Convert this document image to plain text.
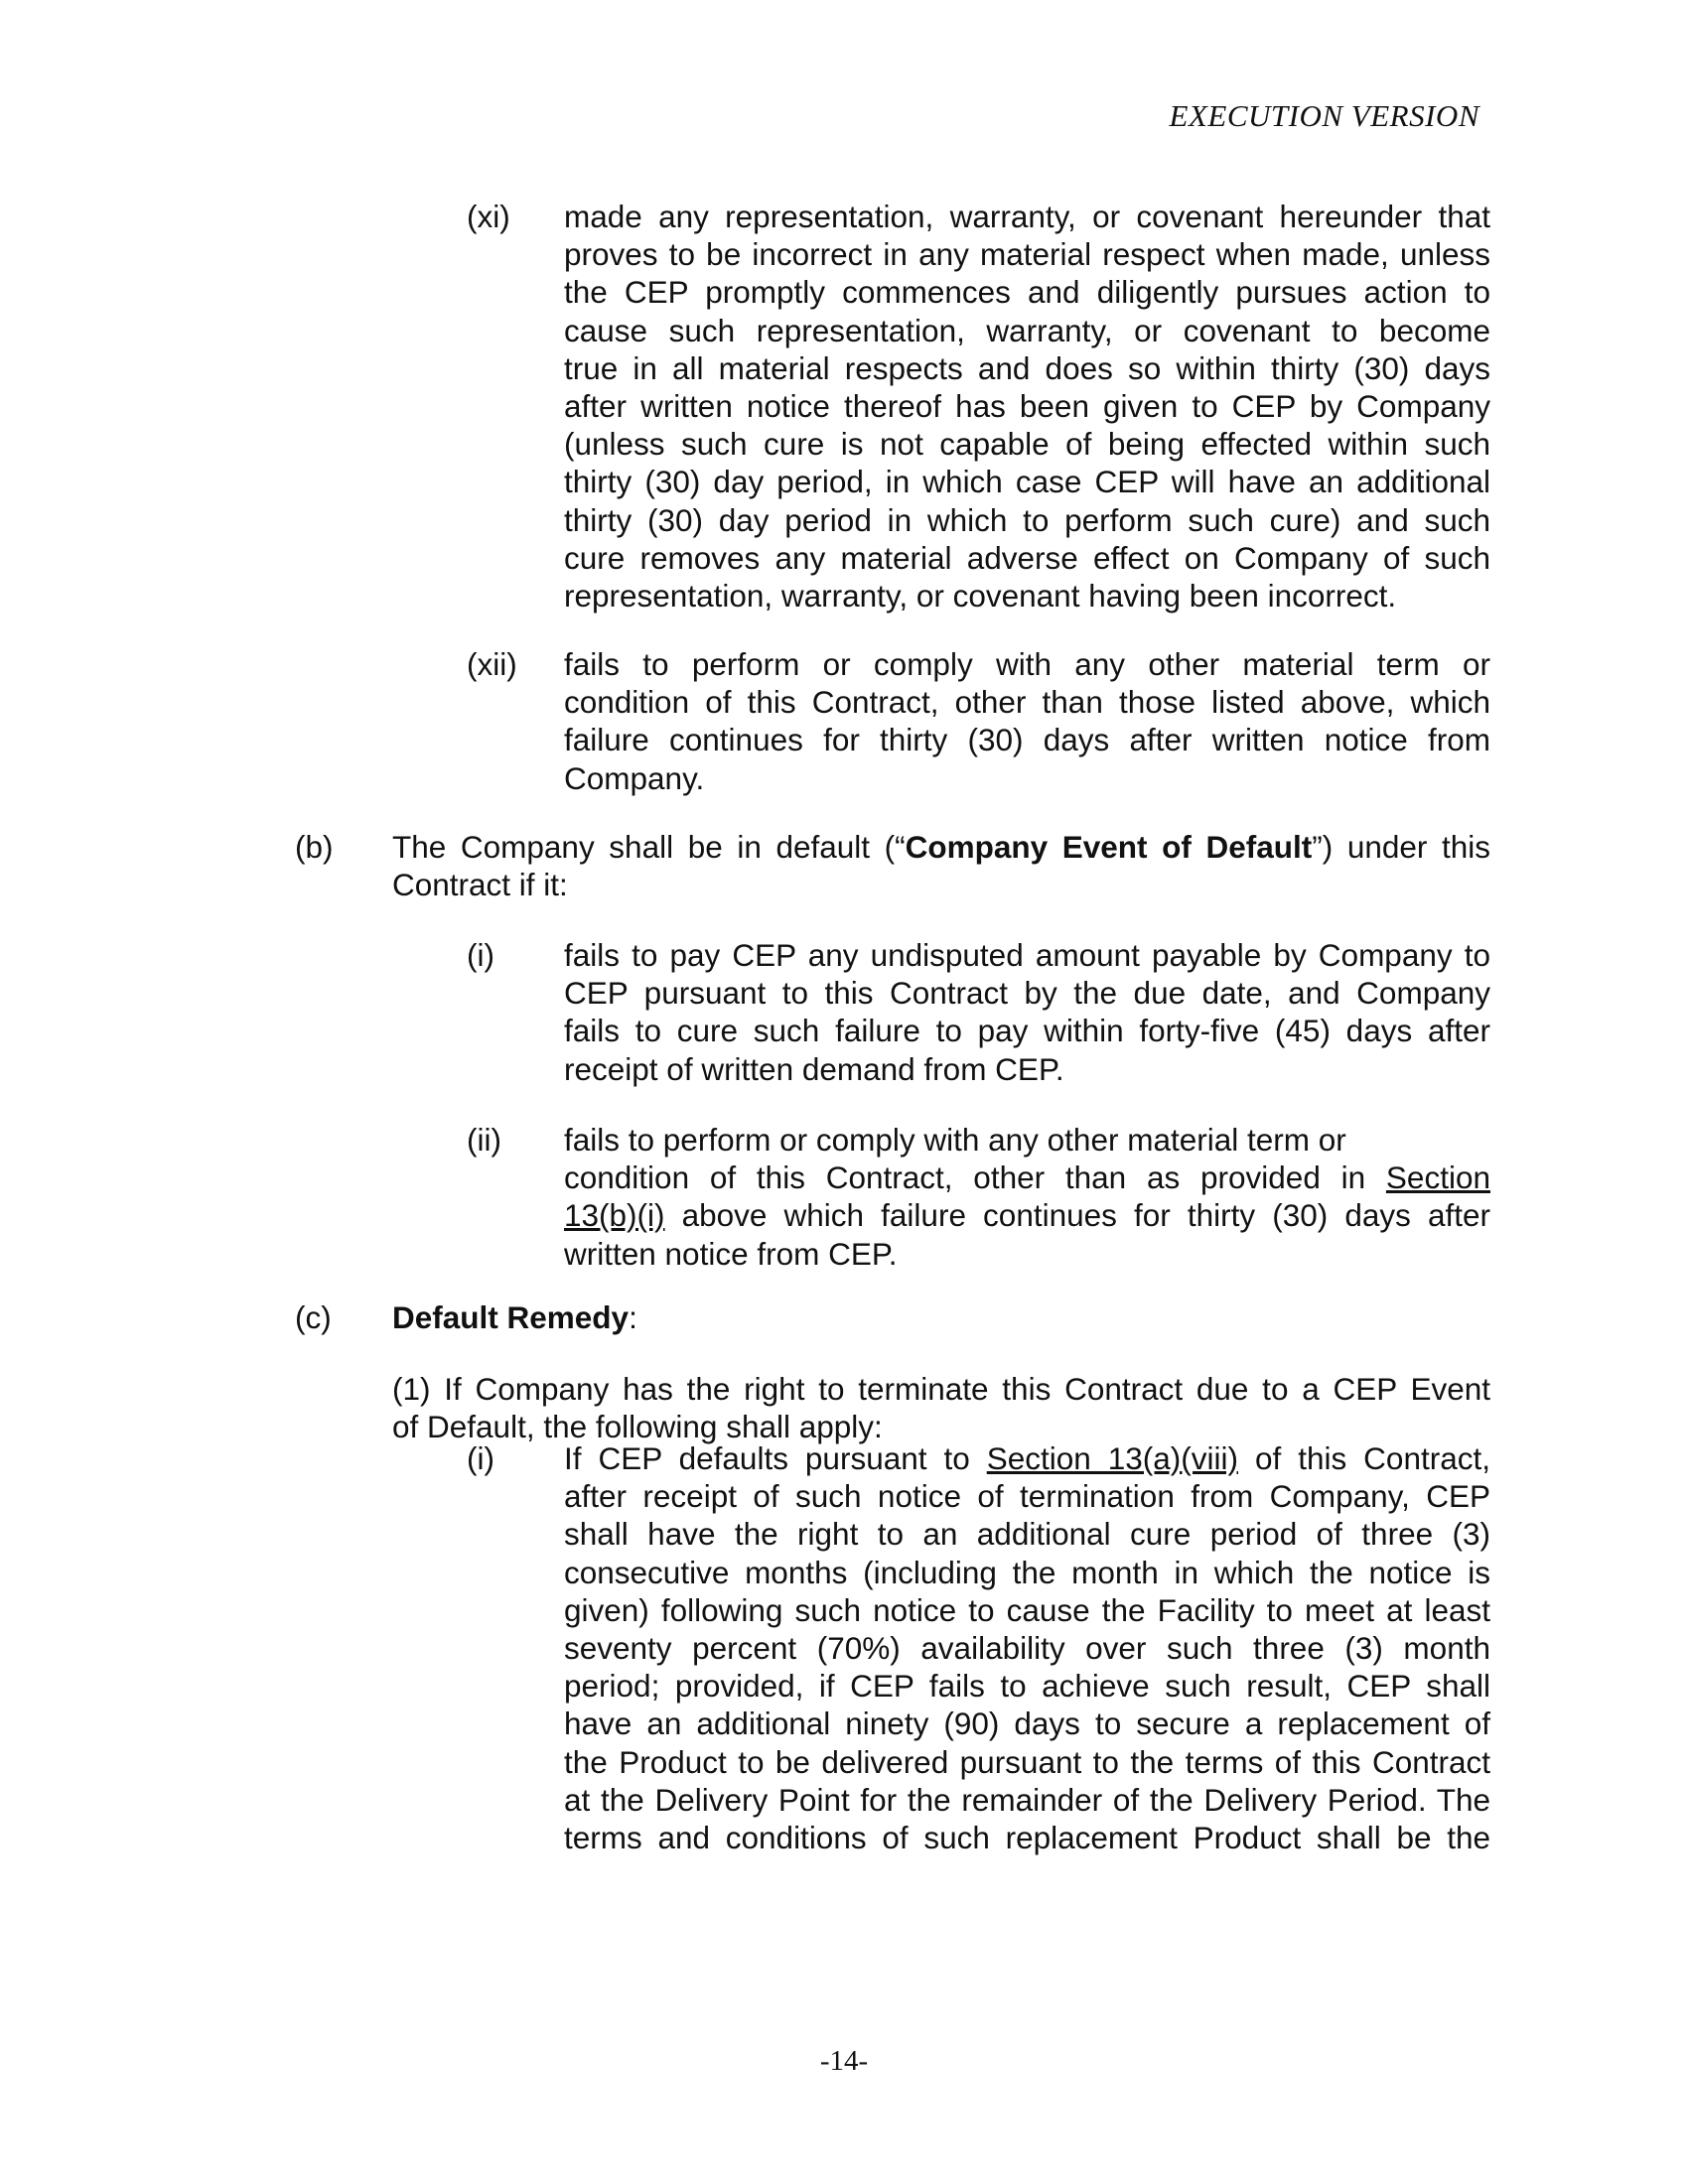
EXECUTION VERSION
(xi) made any representation, warranty, or covenant hereunder that
proves to be incorrect in any material respect when made, unless
the CEP promptly commences and diligently pursues action to
cause such representation, warranty, or covenant to become
true in all material respects and does so within thirty (30) days
after written notice thereof has been given to CEP by Company
(unless such cure is not capable of being effected within such
thirty (30) day period, in which case CEP will have an additional
thirty (30) day period in which to perform such cure) and such
cure removes any material adverse effect on Company of such
representation, warranty, or covenant having been incorrect.
(xii) fails to perform or comply with any other material term or
condition of this Contract, other than those listed above, which
failure continues for thirty (30) days after written notice from
Company.
(b) The Company shall be in default (“Company Event of Default”) under this
Contract if it:
(i) fails to pay CEP any undisputed amount payable by Company to
CEP pursuant to this Contract by the due date, and Company
fails to cure such failure to pay within forty-five (45) days after
receipt of written demand from CEP.
(ii) fails to perform or comply with any other material term or
condition of this Contract, other than as provided in Section
13(b)(i) above which failure continues for thirty (30) days after
written notice from CEP.
(c) Default Remedy:
(1) If Company has the right to terminate this Contract due to a CEP Event
of Default, the following shall apply:
(i) If CEP defaults pursuant to Section 13(a)(viii) of this Contract,
after receipt of such notice of termination from Company, CEP
shall have the right to an additional cure period of three (3)
consecutive months (including the month in which the notice is
given) following such notice to cause the Facility to meet at least
seventy percent (70%) availability over such three (3) month
period; provided, if CEP fails to achieve such result, CEP shall
have an additional ninety (90) days to secure a replacement of
the Product to be delivered pursuant to the terms of this Contract
at the Delivery Point for the remainder of the Delivery Period. The
terms and conditions of such replacement Product shall be the
-14-
